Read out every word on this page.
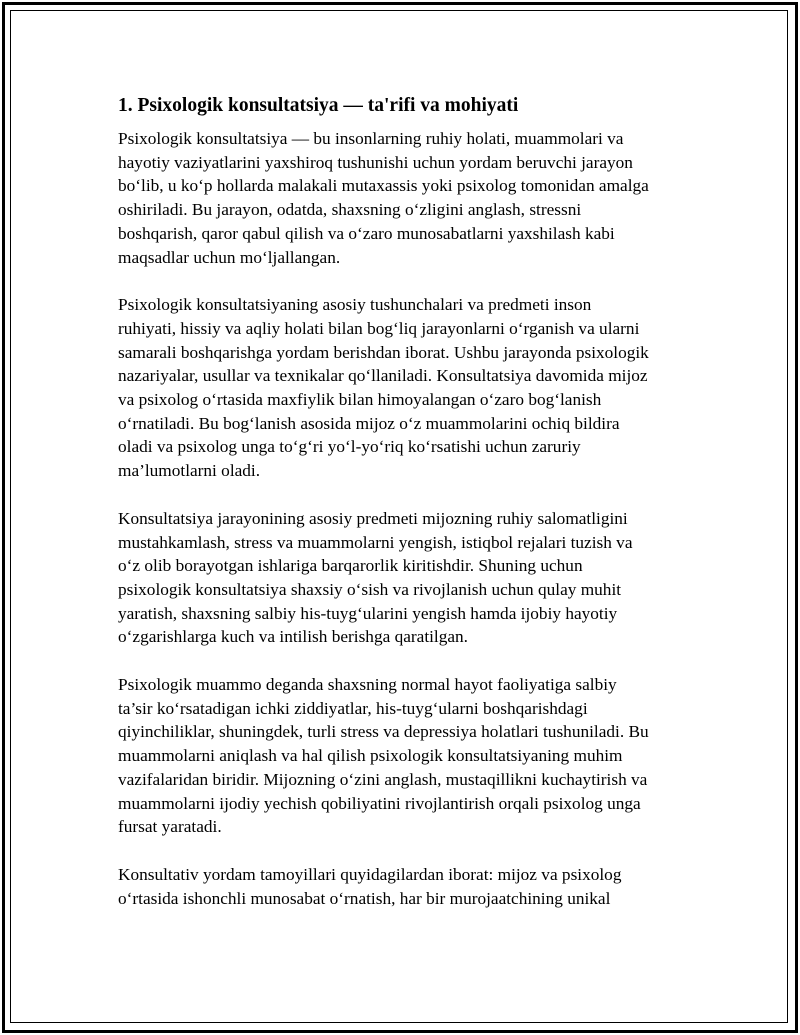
1. Psixologik konsultatsiya — ta'rifi va mohiyati

Psixologik konsultatsiya — bu insonlarning ruhiy holati, muammolari va
hayotiy vaziyatlarini yaxshiroq tushunishi uchun yordam beruvchi jarayon
bo‘lib, u ko‘p hollarda malakali mutaxassis yoki psixolog tomonidan amalga
oshiriladi. Bu jarayon, odatda, shaxsning o‘zligini anglash, stressni
boshqarish, qaror qabul qilish va o‘zaro munosabatlarni yaxshilash kabi
maqsadlar uchun mo‘ljallangan.

Psixologik konsultatsiyaning asosiy tushunchalari va predmeti inson
ruhiyati, hissiy va aqliy holati bilan bog‘liq jarayonlarni o‘rganish va ularni
samarali boshqarishga yordam berishdan iborat. Ushbu jarayonda psixologik
nazariyalar, usullar va texnikalar qo‘llaniladi. Konsultatsiya davomida mijoz
va psixolog o‘rtasida maxfiylik bilan himoyalangan o‘zaro bog‘lanish
o‘rnatiladi. Bu bog‘lanish asosida mijoz o‘z muammolarini ochiq bildira
oladi va psixolog unga to‘g‘ri yo‘l-yo‘riq ko‘rsatishi uchun zaruriy
ma’lumotlarni oladi.

Konsultatsiya jarayonining asosiy predmeti mijozning ruhiy salomatligini
mustahkamlash, stress va muammolarni yengish, istiqbol rejalari tuzish va
o‘z olib borayotgan ishlariga barqarorlik kiritishdir. Shuning uchun
psixologik konsultatsiya shaxsiy o‘sish va rivojlanish uchun qulay muhit
yaratish, shaxsning salbiy his-tuyg‘ularini yengish hamda ijobiy hayotiy
o‘zgarishlarga kuch va intilish berishga qaratilgan.

Psixologik muammo deganda shaxsning normal hayot faoliyatiga salbiy
ta’sir ko‘rsatadigan ichki ziddiyatlar, his-tuyg‘ularni boshqarishdagi
qiyinchiliklar, shuningdek, turli stress va depressiya holatlari tushuniladi. Bu
muammolarni aniqlash va hal qilish psixologik konsultatsiyaning muhim
vazifalaridan biridir. Mijozning o‘zini anglash, mustaqillikni kuchaytirish va
muammolarni ijodiy yechish qobiliyatini rivojlantirish orqali psixolog unga
fursat yaratadi.

Konsultativ yordam tamoyillari quyidagilardan iborat: mijoz va psixolog
o‘rtasida ishonchli munosabat o‘rnatish, har bir murojaatchining unikal
